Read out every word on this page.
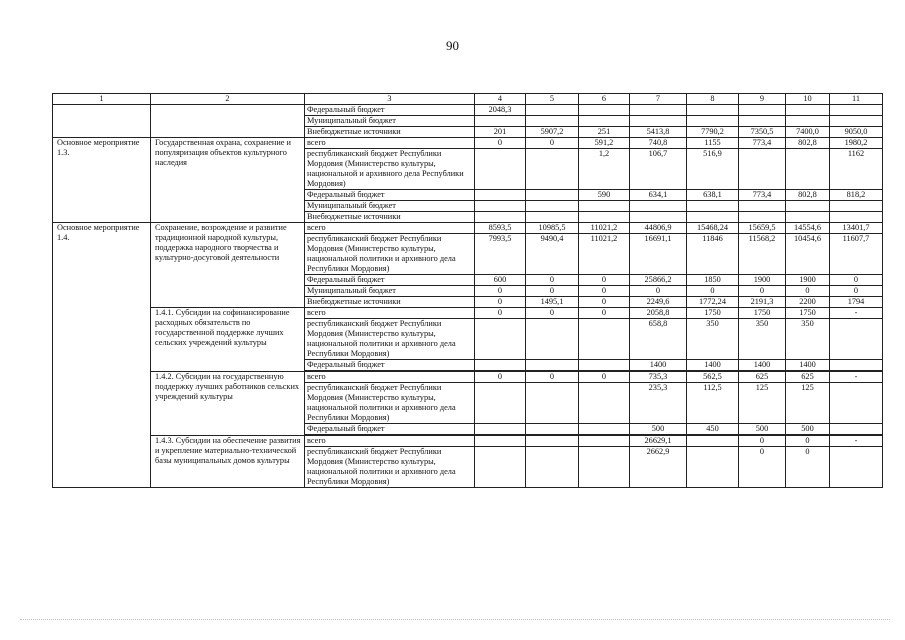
90
1	2	3	4	5	6	7	8	9	10	11
		Федеральный бюджет	2048,3							
		Муниципальный бюджет								
		Внебюджетные источники	201	5907,2	251	5413,8	7790,2	7350,5	7400,0	9050,0
Основное мероприятие 1.3.	Государственная охрана, сохранение и популяризация объектов культурного наследия	всего	0	0	591,2	740,8	1155	773,4	802,8	1980,2
		республиканский бюджет Республики Мордовия (Министерство культуры, национальной и архивного дела Республики Мордовия)			1,2	106,7	516,9			1162
		Федеральный бюджет			590	634,1	638,1	773,4	802,8	818,2
		Муниципальный бюджет								
		Внебюджетные источники								
Основное мероприятие 1.4.	Сохранение, возрождение и развитие традиционной народной культуры, поддержка народного творчества и культурно-досуговой деятельности	всего	8593,5	10985,5	11021,2	44806,9	15468,24	15659,5	14554,6	13401,7
		республиканский бюджет Республики Мордовия (Министерство культуры, национальной политики и архивного дела Республики Мордовия)	7993,5	9490,4	11021,2	16691,1	11846	11568,2	10454,6	11607,7
		Федеральный бюджет	600	0	0	25866,2	1850	1900	1900	0
		Муниципальный бюджет	0	0	0	0	0	0	0	0
		Внебюджетные источники	0	1495,1	0	2249,6	1772,24	2191,3	2200	1794
	1.4.1. Субсидии на софинансирование расходных обязательств по государственной поддержке лучших сельских учреждений культуры	всего	0	0	0	2058,8	1750	1750	1750	-
		республиканский бюджет Республики Мордовия (Министерство культуры, национальной политики и архивного дела Республики Мордовия)				658,8	350	350	350	
		Федеральный бюджет				1400	1400	1400	1400	

	1.4.2. Субсидии на государственную поддержку лучших работников сельских учреждений культуры	всего	0	0	0	735,3	562,5	625	625	-
		республиканский бюджет Республики Мордовия (Министерство культуры, национальной политики и архивного дела Республики Мордовия)				235,3	112,5	125	125	
		Федеральный бюджет				500	450	500	500	

	1.4.3. Субсидии на обеспечение развития и укрепление материально-технической базы муниципальных домов культуры	всего				26629,1		0	0	-
		республиканский бюджет Республики Мордовия (Министерство культуры, национальной политики и архивного дела Республики Мордовия)				2662,9		0	0	
